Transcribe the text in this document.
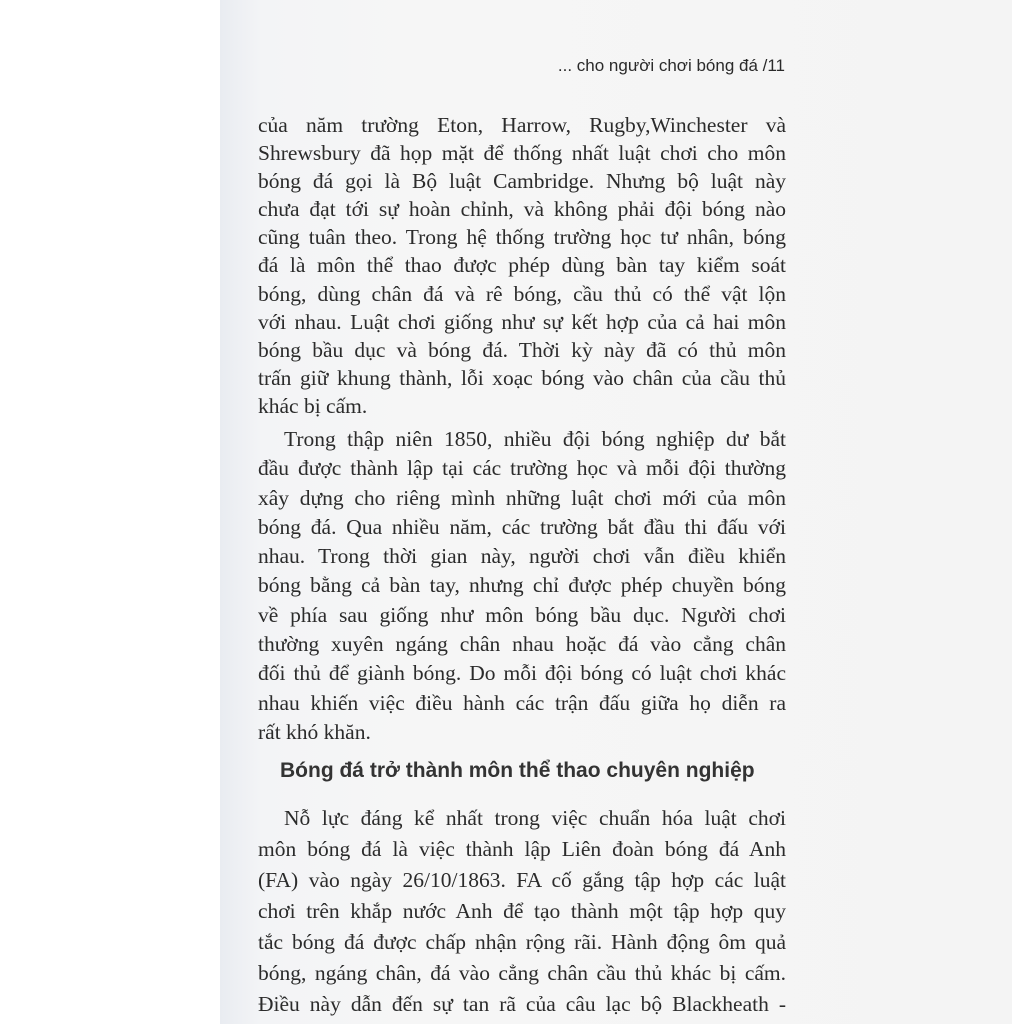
... cho người chơi bóng đá /11
của năm trường Eton, Harrow, Rugby,Winchester và
Shrewsbury đã họp mặt để thống nhất luật chơi cho môn
bóng đá gọi là Bộ luật Cambridge. Nhưng bộ luật này
chưa đạt tới sự hoàn chỉnh, và không phải đội bóng nào
cũng tuân theo. Trong hệ thống trường học tư nhân, bóng
đá là môn thể thao được phép dùng bàn tay kiểm soát
bóng, dùng chân đá và rê bóng, cầu thủ có thể vật lộn
với nhau. Luật chơi giống như sự kết hợp của cả hai môn
bóng bầu dục và bóng đá. Thời kỳ này đã có thủ môn
trấn giữ khung thành, lỗi xoạc bóng vào chân của cầu thủ
khác bị cấm.
Trong thập niên 1850, nhiều đội bóng nghiệp dư bắt
đầu được thành lập tại các trường học và mỗi đội thường
xây dựng cho riêng mình những luật chơi mới của môn
bóng đá. Qua nhiều năm, các trường bắt đầu thi đấu với
nhau. Trong thời gian này, người chơi vẫn điều khiển
bóng bằng cả bàn tay, nhưng chỉ được phép chuyền bóng
về phía sau giống như môn bóng bầu dục. Người chơi
thường xuyên ngáng chân nhau hoặc đá vào cẳng chân
đối thủ để giành bóng. Do mỗi đội bóng có luật chơi khác
nhau khiến việc điều hành các trận đấu giữa họ diễn ra
rất khó khăn.
Bóng đá trở thành môn thể thao chuyên nghiệp
Nỗ lực đáng kể nhất trong việc chuẩn hóa luật chơi
môn bóng đá là việc thành lập Liên đoàn bóng đá Anh
(FA) vào ngày 26/10/1863. FA cố gắng tập hợp các luật
chơi trên khắp nước Anh để tạo thành một tập hợp quy
tắc bóng đá được chấp nhận rộng rãi. Hành động ôm quả
bóng, ngáng chân, đá vào cẳng chân cầu thủ khác bị cấm.
Điều này dẫn đến sự tan rã của câu lạc bộ Blackheath -
